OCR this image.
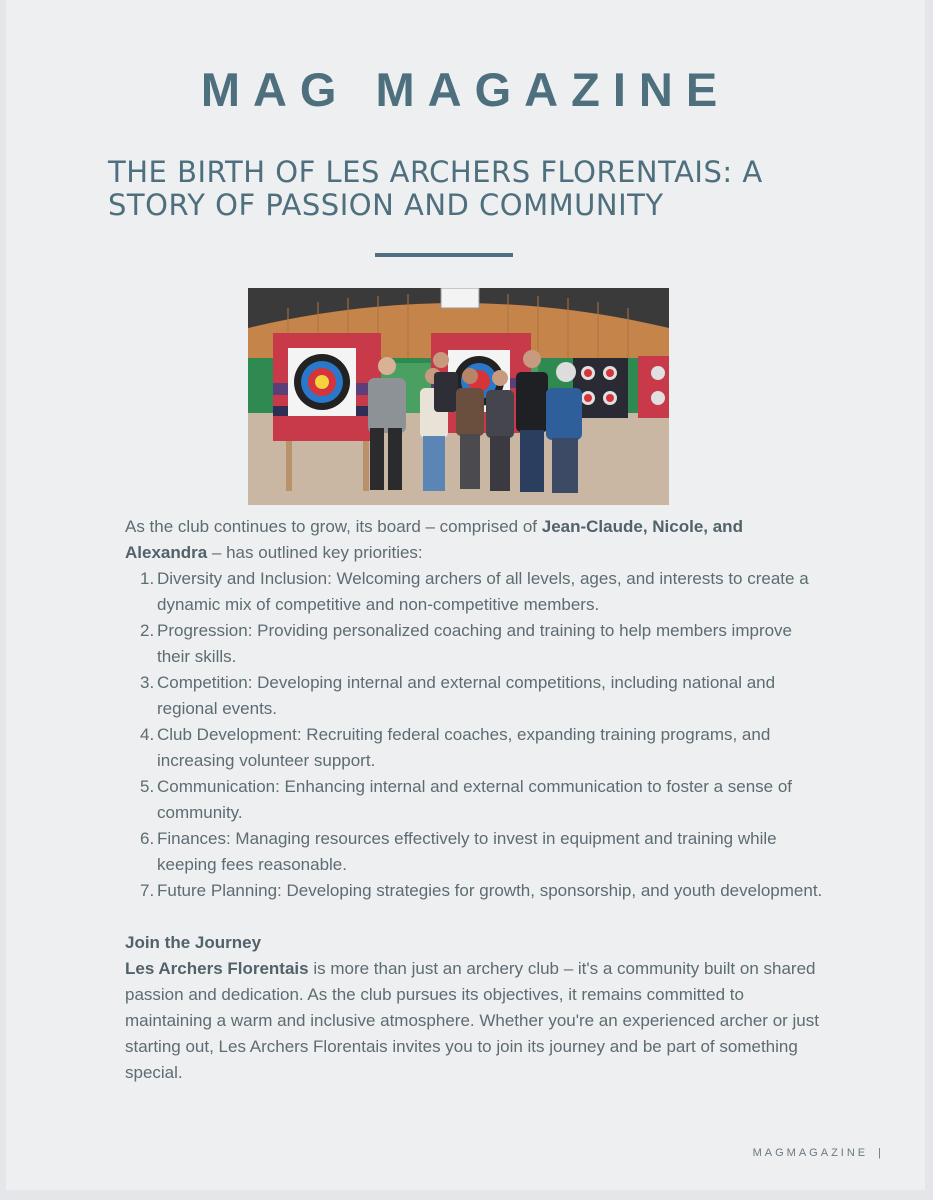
MAG MAGAZINE
THE BIRTH OF LES ARCHERS FLORENTAIS: A STORY OF PASSION AND COMMUNITY

As the club continues to grow, its board – comprised of Jean-Claude, Nicole, and Alexandra – has outlined key priorities:

Diversity and Inclusion: Welcoming archers of all levels, ages, and interests to create a dynamic mix of competitive and non-competitive members.
Progression: Providing personalized coaching and training to help members improve their skills.
Competition: Developing internal and external competitions, including national and regional events.
Club Development: Recruiting federal coaches, expanding training programs, and increasing volunteer support.
Communication: Enhancing internal and external communication to foster a sense of community.
Finances: Managing resources effectively to invest in equipment and training while keeping fees reasonable.
Future Planning: Developing strategies for growth, sponsorship, and youth development.

Join the Journey

Les Archers Florentais is more than just an archery club – it's a community built on shared passion and dedication. As the club pursues its objectives, it remains committed to maintaining a warm and inclusive atmosphere. Whether you're an experienced archer or just starting out, Les Archers Florentais invites you to join its journey and be part of something special.

MAGMAGAZINE |
